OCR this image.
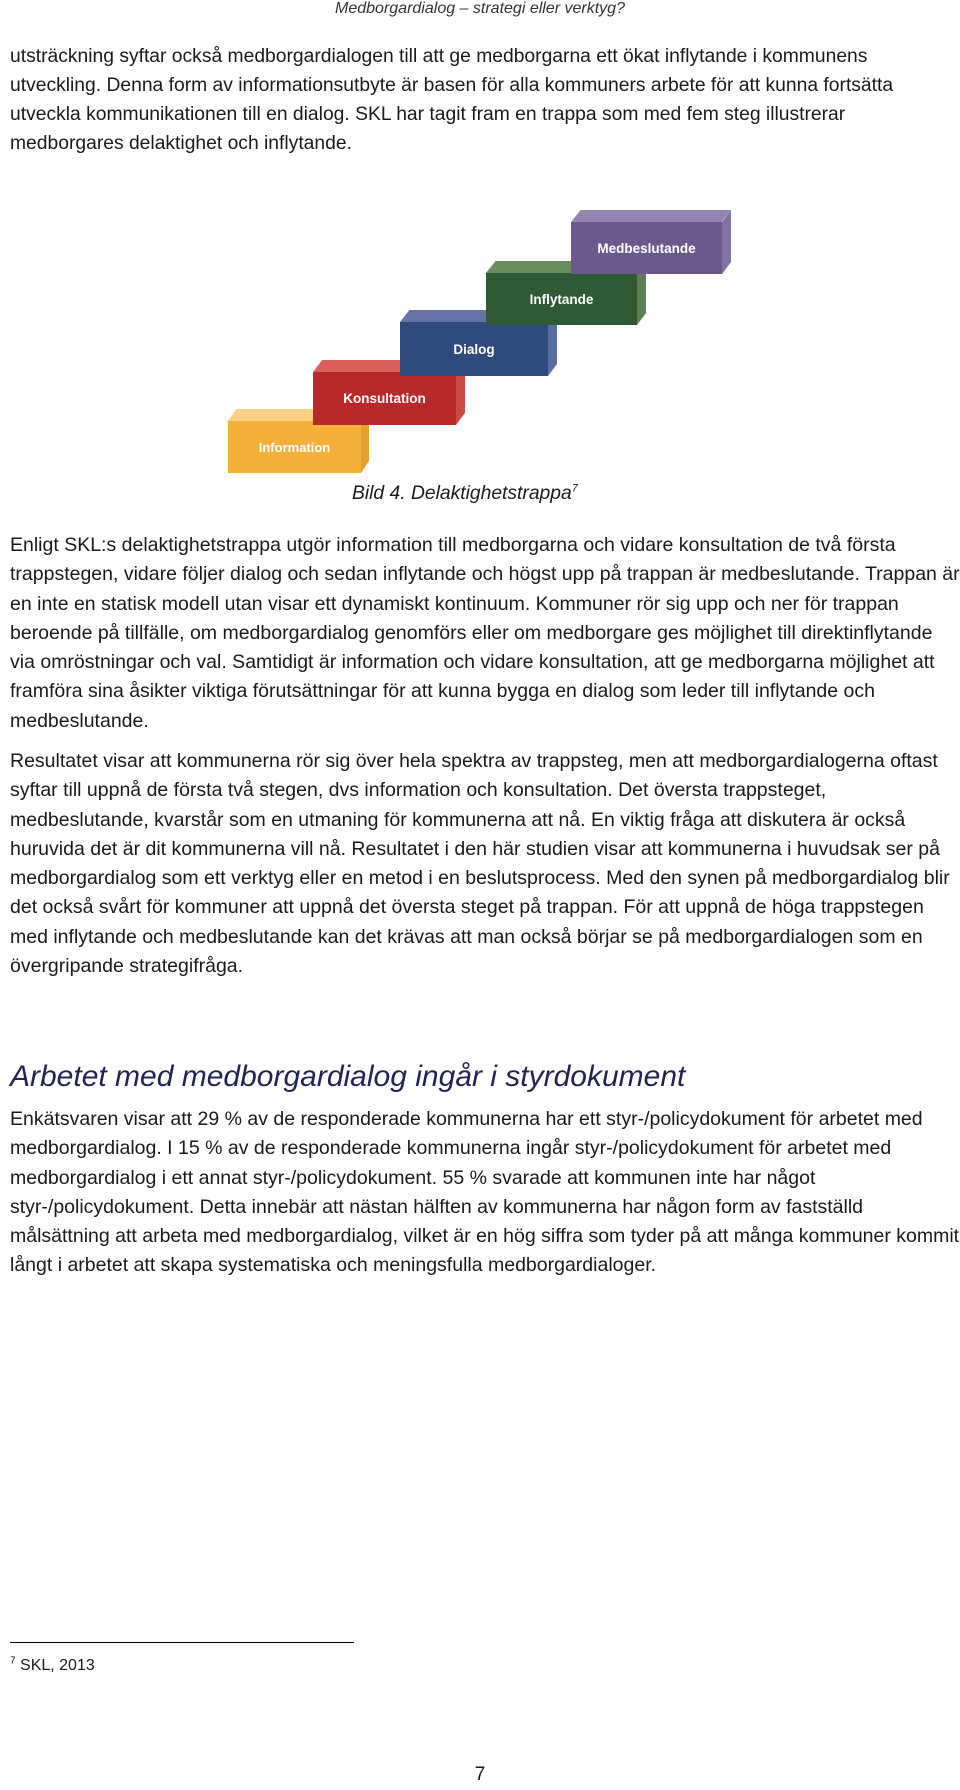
Medborgardialog – strategi eller verktyg?

utsträckning syftar också medborgardialogen till att ge medborgarna ett ökat inflytande i kommunens utveckling. Denna form av informationsutbyte är basen för alla kommuners arbete för att kunna fortsätta utveckla kommunikationen till en dialog. SKL har tagit fram en trappa som med fem steg illustrerar medborgares delaktighet och inflytande.

Information
Konsultation
Dialog
Inflytande
Medbeslutande
Bild 4. Delaktighetstrappa$^7$

Enligt SKL:s delaktighetstrappa utgör information till medborgarna och vidare konsultation de två första trappstegen, vidare följer dialog och sedan inflytande och högst upp på trappan är medbeslutande. Trappan är en inte en statisk modell utan visar ett dynamiskt kontinuum. Kommuner rör sig upp och ner för trappan beroende på tillfälle, om medborgardialog genomförs eller om medborgare ges möjlighet till direktinflytande via omröstningar och val. Samtidigt är information och vidare konsultation, att ge medborgarna möjlighet att framföra sina åsikter viktiga förutsättningar för att kunna bygga en dialog som leder till inflytande och medbeslutande.

Resultatet visar att kommunerna rör sig över hela spektra av trappsteg, men att medborgardialogerna oftast syftar till uppnå de första två stegen, dvs information och konsultation. Det översta trappsteget, medbeslutande, kvarstår som en utmaning för kommunerna att nå. En viktig fråga att diskutera är också huruvida det är dit kommunerna vill nå. Resultatet i den här studien visar att kommunerna i huvudsak ser på medborgardialog som ett verktyg eller en metod i en beslutsprocess. Med den synen på medborgardialog blir det också svårt för kommuner att uppnå det översta steget på trappan. För att uppnå de höga trappstegen med inflytande och medbeslutande kan det krävas att man också börjar se på medborgardialogen som en övergripande strategifråga.

Arbetet med medborgardialog ingår i styrdokument

Enkätsvaren visar att 29 % av de responderade kommunerna har ett styr-/policydokument för arbetet med medborgardialog. I 15 % av de responderade kommunerna ingår styr-/policydokument för arbetet med medborgardialog i ett annat styr-/policydokument. 55 % svarade att kommunen inte har något styr-/policydokument. Detta innebär att nästan hälften av kommunerna har någon form av fastställd målsättning att arbeta med medborgardialog, vilket är en hög siffra som tyder på att många kommuner kommit långt i arbetet att skapa systematiska och meningsfulla medborgardialoger.

$^7$ SKL, 2013
7
